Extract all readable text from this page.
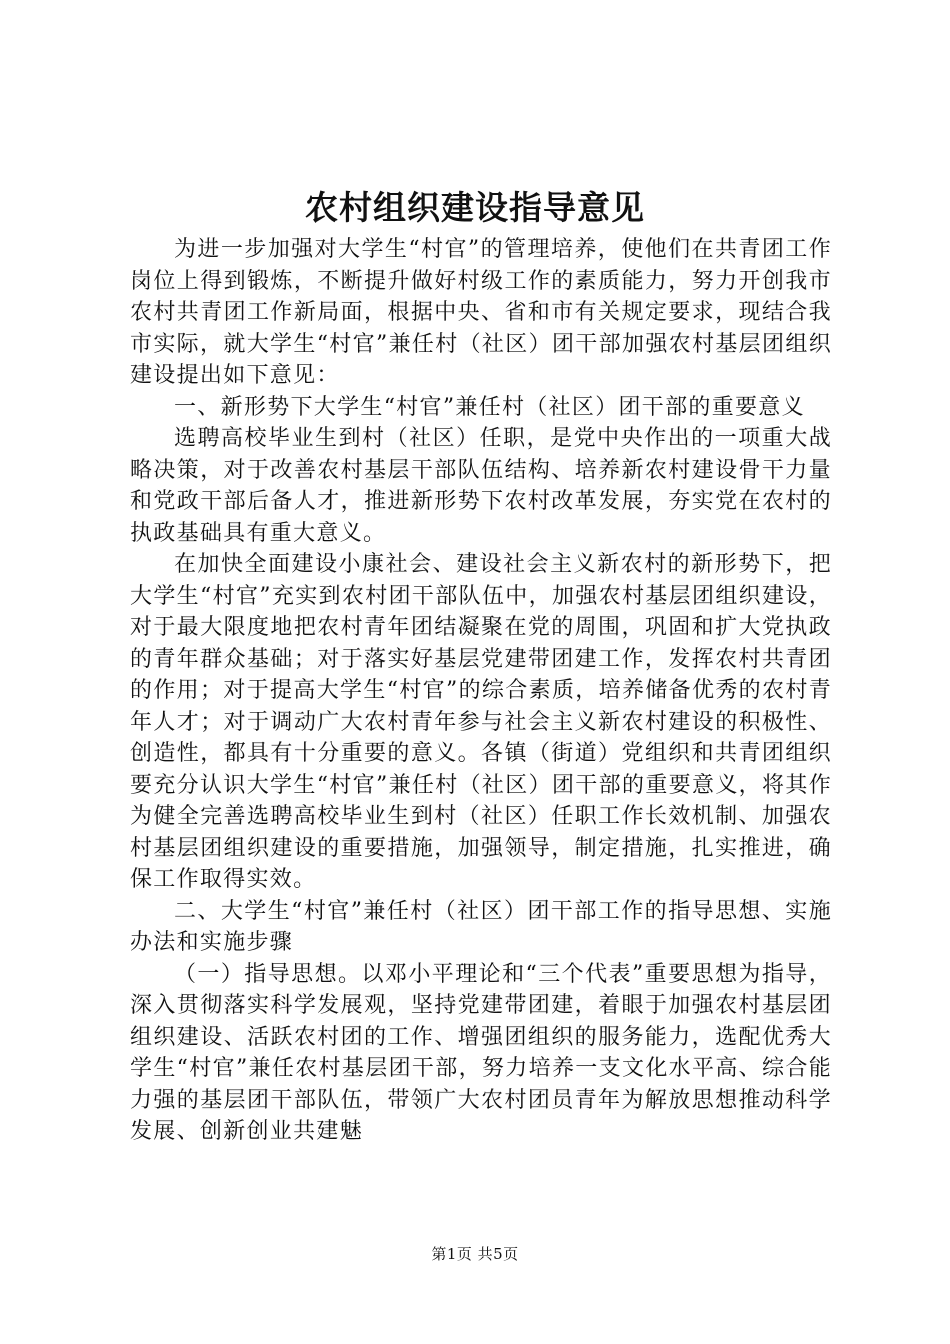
农村组织建设指导意见

为进一步加强对大学生“村官”的管理培养，使他们在共青团工作岗位上得到锻炼，不断提升做好村级工作的素质能力，努力开创我市农村共青团工作新局面，根据中央、省和市有关规定要求，现结合我市实际，就大学生“村官”兼任村（社区）团干部加强农村基层团组织建设提出如下意见：

一、新形势下大学生“村官”兼任村（社区）团干部的重要意义

选聘高校毕业生到村（社区）任职，是党中央作出的一项重大战略决策，对于改善农村基层干部队伍结构、培养新农村建设骨干力量和党政干部后备人才，推进新形势下农村改革发展，夯实党在农村的执政基础具有重大意义。

在加快全面建设小康社会、建设社会主义新农村的新形势下，把大学生“村官”充实到农村团干部队伍中，加强农村基层团组织建设，对于最大限度地把农村青年团结凝聚在党的周围，巩固和扩大党执政的青年群众基础；对于落实好基层党建带团建工作，发挥农村共青团的作用；对于提高大学生“村官”的综合素质，培养储备优秀的农村青年人才；对于调动广大农村青年参与社会主义新农村建设的积极性、创造性，都具有十分重要的意义。各镇（街道）党组织和共青团组织要充分认识大学生“村官”兼任村（社区）团干部的重要意义，将其作为健全完善选聘高校毕业生到村（社区）任职工作长效机制、加强农村基层团组织建设的重要措施，加强领导，制定措施，扎实推进，确保工作取得实效。

二、大学生“村官”兼任村（社区）团干部工作的指导思想、实施办法和实施步骤

（一）指导思想。以邓小平理论和“三个代表”重要思想为指导，深入贯彻落实科学发展观，坚持党建带团建，着眼于加强农村基层团组织建设、活跃农村团的工作、增强团组织的服务能力，选配优秀大学生“村官”兼任农村基层团干部，努力培养一支文化水平高、综合能力强的基层团干部队伍，带领广大农村团员青年为解放思想推动科学发展、创新创业共建魅

第1页 共5页
